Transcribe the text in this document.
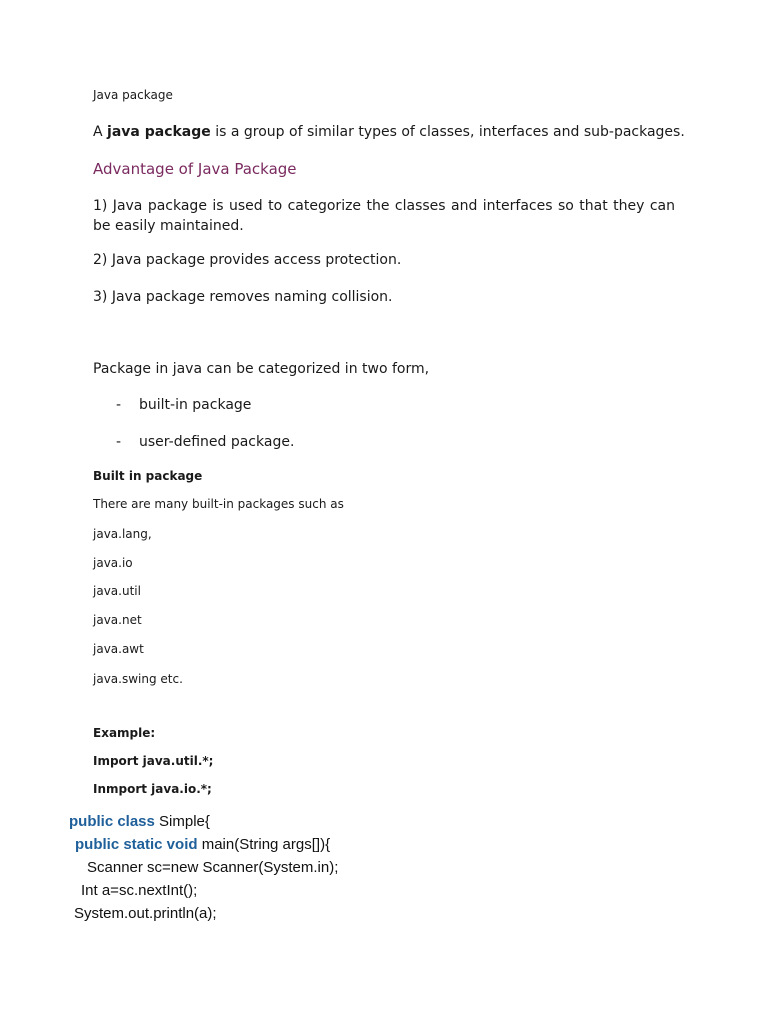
Java package
A java package is a group of similar types of classes, interfaces and sub-packages.
Advantage of Java Package
1) Java package is used to categorize the classes and interfaces so that they can be easily maintained.
2) Java package provides access protection.
3) Java package removes naming collision.
Package in java can be categorized in two form,
- built-in package
- user-defined package.
Built in package
There are many built-in packages such as
java.lang,
java.io
java.util
java.net
java.awt
java.swing etc.
Example:
Import java.util.*;
Inmport java.io.*;
public class Simple{
public static void main(String args[]){
Scanner sc=new Scanner(System.in);
Int a=sc.nextInt();
System.out.println(a);
